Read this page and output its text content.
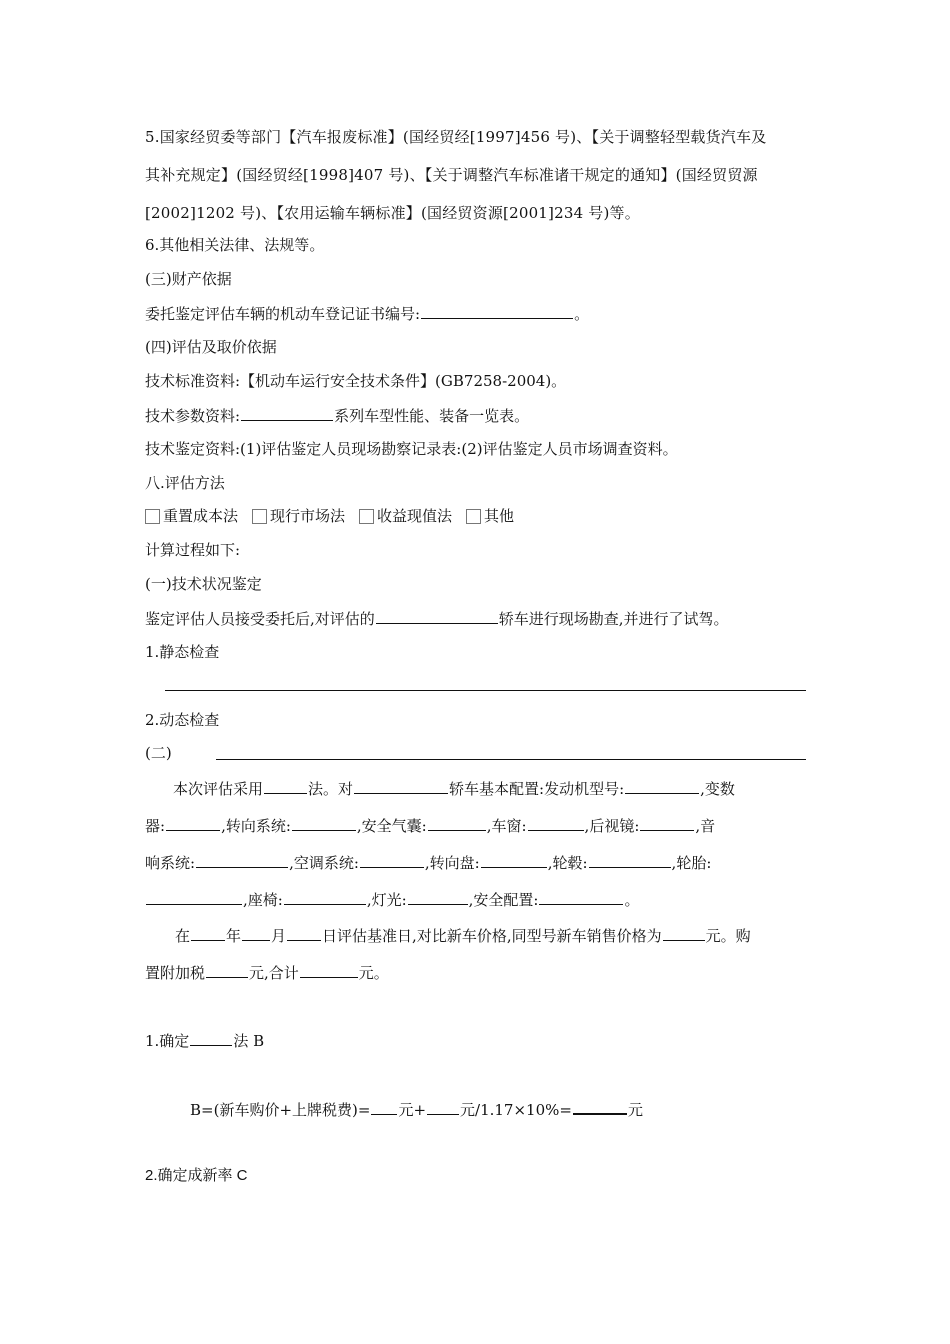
5.国家经贸委等部门【汽车报废标准】(国经贸经[1997]456 号)、【关于调整轻型载货汽车及
其补充规定】(国经贸经[1998]407 号)、【关于调整汽车标准诸干规定的通知】(国经贸贸源
[2002]1202 号)、【农用运输车辆标准】(国经贸资源[2001]234 号)等。
6.其他相关法律、法规等。
(三)财产依据
委托鉴定评估车辆的机动车登记证书编号:	。
(四)评估及取价依据
技术标准资料:【机动车运行安全技术条件】(GB7258-2004)。
技术参数资料:	系列车型性能、装备一览表。
技术鉴定资料:(1)评估鉴定人员现场勘察记录表:(2)评估鉴定人员市场调查资料。
八.评估方法
重置成本法 现行市场法 收益现值法 其他
计算过程如下:
(一)技术状况鉴定
鉴定评估人员接受委托后,对评估的	轿车进行现场勘查,并进行了试驾。
1.静态检查
2.动态检查
(二)
本次评估采用	法。对	轿车基本配置:发动机型号:	,变数
器:	,转向系统:	,安全气囊:	,车窗:	,后视镜:	,音
响系统:	,空调系统:	,转向盘:	,轮毂:	,轮胎:
,座椅:	,灯光:	,安全配置:	。
在 年 月 日评估基准日,对比新车价格,同型号新车销售价格为	元。购
置附加税	元,合计	元。
1.确定	法 B
B=(新车购价+上牌税费)= 元+ 元/1.17×10%=	元
2.确定成新率 C
